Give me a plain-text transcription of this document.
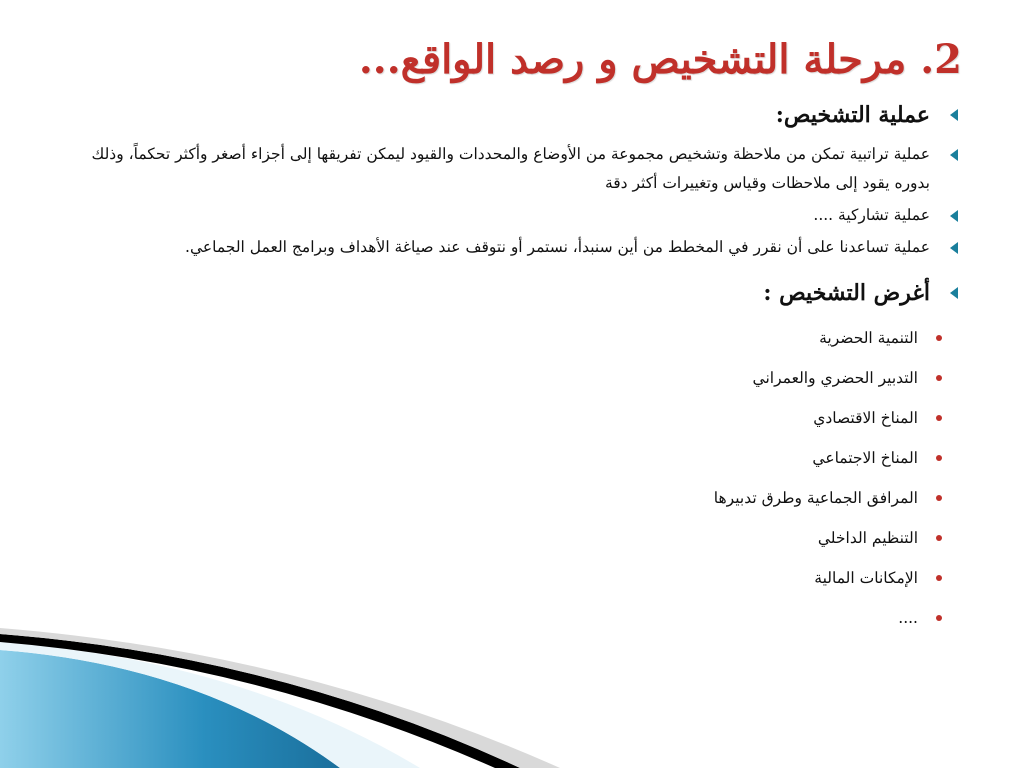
2. مرحلة التشخيص و رصد الواقع...
عملية التشخيص:
عملية تراتبية تمكن من ملاحظة وتشخيص مجموعة من الأوضاع والمحددات والقيود ليمكن تفريقها إلى أجزاء أصغر وأكثر تحكماً، وذلك بدوره يقود إلى ملاحظات وقياس وتغييرات أكثر دقة
عملية تشاركية ....
عملية تساعدنا على أن نقرر في المخطط من أين سنبدأ، نستمر أو نتوقف عند صياغة الأهداف وبرامج العمل الجماعي.
أغرض التشخيص :
التنمية الحضرية
التدبير الحضري والعمراني
المناخ الاقتصادي
المناخ الاجتماعي
المرافق الجماعية وطرق تدبيرها
التنظيم الداخلي
الإمكانات المالية
....
